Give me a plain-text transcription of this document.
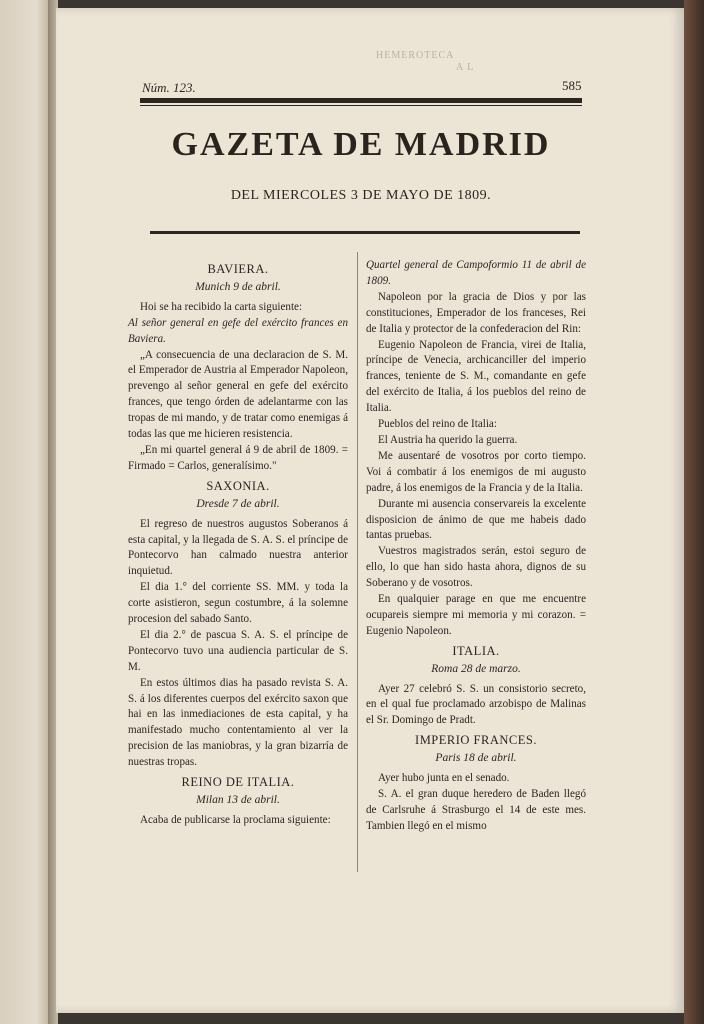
HEMEROTECA
A L
Núm. 123.	585
GAZETA DE MADRID
DEL MIERCOLES 3 DE MAYO DE 1809.

BAVIERA.

Munich 9 de abril.

Hoi se ha recibido la carta siguiente:

Al señor general en gefe del exército frances en Baviera.

„A consecuencia de una declaracion de S. M. el Emperador de Austria al Emperador Napoleon, prevengo al señor general en gefe del exército frances, que tengo órden de adelantarme con las tropas de mi mando, y de tratar como enemigas á todas las que me hicieren resistencia.

„En mi quartel general á 9 de abril de 1809. = Firmado = Carlos, generalísimo."

SAXONIA.

Dresde 7 de abril.

El regreso de nuestros augustos Soberanos á esta capital, y la llegada de S. A. S. el príncipe de Pontecorvo han calmado nuestra anterior inquietud.

El dia 1.° del corriente SS. MM. y toda la corte asistieron, segun costumbre, á la solemne procesion del sabado Santo.

El dia 2.° de pascua S. A. S. el príncipe de Pontecorvo tuvo una audiencia particular de S. M.

En estos últimos dias ha pasado revista S. A. S. á los diferentes cuerpos del exército saxon que hai en las inmediaciones de esta capital, y ha manifestado mucho contentamiento al ver la precision de las maniobras, y la gran bizarría de nuestras tropas.

REINO DE ITALIA.

Milan 13 de abril.

Acaba de publicarse la proclama siguiente:

Quartel general de Campoformio 11 de abril de 1809.

Napoleon por la gracia de Dios y por las constituciones, Emperador de los franceses, Rei de Italia y protector de la confederacion del Rin:

Eugenio Napoleon de Francia, virei de Italia, príncipe de Venecia, archicanciller del imperio frances, teniente de S. M., comandante en gefe del exército de Italia, á los pueblos del reino de Italia.

Pueblos del reino de Italia:

El Austria ha querido la guerra.

Me ausentaré de vosotros por corto tiempo. Voi á combatir á los enemigos de mi augusto padre, á los enemigos de la Francia y de la Italia.

Durante mi ausencia conservareis la excelente disposicion de ánimo de que me habeis dado tantas pruebas.

Vuestros magistrados serán, estoi seguro de ello, lo que han sido hasta ahora, dignos de su Soberano y de vosotros.

En qualquier parage en que me encuentre ocupareis siempre mi memoria y mi corazon. = Eugenio Napoleon.

ITALIA.

Roma 28 de marzo.

Ayer 27 celebró S. S. un consistorio secreto, en el qual fue proclamado arzobispo de Malinas el Sr. Domingo de Pradt.

IMPERIO FRANCES.

Paris 18 de abril.

Ayer hubo junta en el senado.

S. A. el gran duque heredero de Baden llegó de Carlsruhe á Strasburgo el 14 de este mes. Tambien llegó en el mismo
